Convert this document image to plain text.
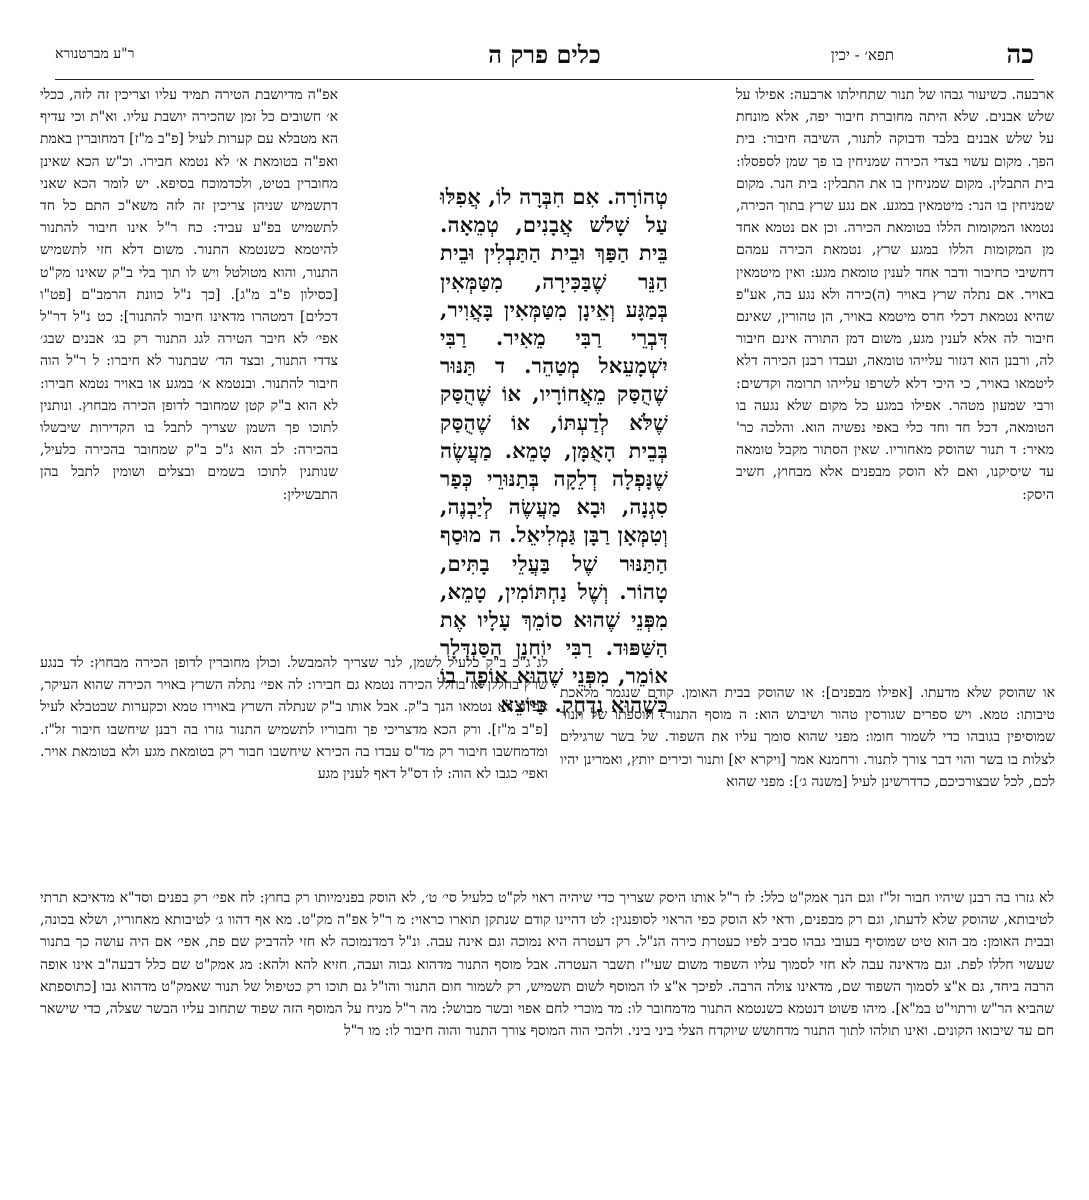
כה
תפא׳ - יכין
כלים פרק ה
ר"ע מברטנורא

ארבעה. כשיעור גבהו של תנור שתחילתו ארבעה: אפילו על שלש אבנים. שלא היתה מחוברת חיבור יפה, אלא מונחת על שלש אבנים בלבד ודבוקה לתנור, השיבה חיבור: בית הפך. מקום עשוי בצדי הכירה שמניחין בו פך שמן לספסלו: בית התבלין. מקום שמניחין בו את התבלין: בית הנר. מקום שמניחין בו הנר: מיטמאין במגע. אם נגע שרץ בתוך הכירה, נטמאו המקומות הללו בטומאת הכירה. וכן אם נטמא אחד מן המקומות הללו במגע שרץ, נטמאת הכירה עמהם דחשיבי כחיבור ודבר אחד לענין טומאת מגע: ואין מיטמאין באויר. אם נתלה שרץ באויר (ה)כירה ולא נגע בה, אע"פ שהיא נטמאת דכלי חרס מיטמא באויר, הן טהורין, שאינם חיבור לה אלא לענין מגע, משום דמן התורה אינם חיבור לה, ורבנן הוא דגזור עלייהו טומאה, ועבדו רבנן הכירה דלא ליטמאו באויר, כי היכי דלא לשרפו עלייהו תרומה וקדשים: ורבי שמעון מטהר. אפילו במגע כל מקום שלא נגעה בו הטומאה, דכל חד וחד כלי באפי נפשיה הוא. והלכה כר' מאיר: ד תנור שהוסק מאחוריו. שאין הסתור מקבל טומאה עד שיסיקנו, ואם לא הוסק מבפנים אלא מבחוץ, חשיב היסק:

טְהוֹרָה. אִם חִבְּרָה לוֹ, אֲפִלּוּ עַל שָׁלשׁ אֲבָנִים, טְמֵאָה. בֵּית הַפַּךְ וּבֵית הַתַּבְלִין וּבֵית הַנֵּר שֶׁבַּכִּירָה, מִטַּמְּאִין בְּמַגָּע וְאֵינָן מִטַּמְּאִין בָּאֲוִיר, דִּבְרֵי רַבִּי מֵאִיר. רַבִּי יִשְׁמָעֵאל מְטַהֵר. ד תַּנּוּר שֶׁהֻסַּק מֵאֲחוֹרָיו, אוֹ שֶׁהֻסַּק שֶׁלֹּא לְדַעְתּוֹ, אוֹ שֶׁהֻסַּק בְּבֵית הָאֻמָּן, טָמֵא. מַעֲשֶׂה שֶׁנָּפְלָה דְלֵקָה בְּתַנּוּרֵי כְּפַר סִגְנָה, וּבָא מַעֲשֶׂה לְיַבְנֶה, וְטִמְּאָן רַבָּן גַּמְלִיאֵל. ה מוּסַף הַתַּנּוּר שֶׁל בַּעֲלֵי בָתִּים, טָהוֹר. וְשֶׁל נַחְתּוֹמִין, טָמֵא, מִפְּנֵי שֶׁהוּא סוֹמֵךְ עָלָיו אֶת הַשַּׁפּוּד. רַבִּי יוֹחָנָן הַסַּנְדְּלָר אוֹמֵר, מִפְּנֵי שֶׁהוּא אוֹפֶה בוֹ כְּשֶׁהוּא נִדְחָק. כַּיּוֹצֵא

אפ"ה מדיושבת הטירה תמיד עליו וצריכין זה לזה, ככלי א׳ חשובים כל זמן שהכירה יושבת עליו. וא"ת וכי עדיף הא מטבלא עם קערות לעיל [פ"ב מ"ז] דמחוברין באמת ואפ"ה בטומאת א׳ לא נטמא חבירו. וכ"ש הכא שאינן מחוברין בטיט, ולכדמוכח בסיפא. יש לומר הכא שאני דתשמיש שניהן צריכין זה לזה משא"כ התם כל חד לתשמיש בפ"ע עביד: כח ר"ל אינו חיבור להתנור להיטמא כשנטמא התנור. משום דלא חזי לתשמיש התנור, והוא מטולטל ויש לו תוך בלי ב"ק שאינו מק"ט [כסילון פ"ב מ"ג]. [כך נ"ל כוונת הרמב"ם [פט"ו דכלים] דמטהרו מדאינו חיבור להתנור]: כט נ"ל דר"ל אפי׳ לא חיבר הטירה לגג התנור רק בג׳ אבנים שבג׳ צדדי התנור, ובצד הד׳ שבתנור לא חיברו: ל ר"ל הוה חיבור להתנור. ובנטמא א׳ במגע או באויר נטמא חבירו: לא הוא ב"ק קטן שמחובר לדופן הכירה מבחוץ. ונותנין לתוכו פך השמן שצריך לתבל בו הקדירות שיבשלו בהכירה: לב הוא ג"כ ב"ק שמחובר בהכירה כלעיל, שנותנין לתוכו בשמים ובצלים ושומין לתבל בהן התבשילין:

או שהוסק שלא מדעתו. [אפילו מבפנים]: או שהוסק בבית האומן. קודם שנגמר מלאכת טיבותו: טמא. ויש ספרים שגורסין טהור ושיבוש הוא: ה מוסף התנור. תוספתו של תנור שמוסיפין בגובהו כדי לשמור חומו: מפני שהוא סומך עליו את השפוד. של בשר שרגילים לצלות בו בשר והוי דבר צורך לתנור. ורחמנא אמר [ויקרא יא] ותנור וכירים יותץ, ואמרינן יהיו לכם, לכל שבצורכיכם, כדדרשינן לעיל [משנה ג׳]: מפני שהוא

לג ג"כ ב"ק כלעיל לשמן, לנר שצריך להמבשל. וכולן מחוברין לדופן הכירה מבחוץ: לד בנגע שרץ בחללן או בחלל הכירה נטמא גם חבירו: לה אפי׳ נתלה השרץ באויר הכירה שהוא העיקר, אפ"ה לא נטמאו הנך ב"ק. אבל אותו ב"ק שנתלה השרץ באוירו טמא וכקערות שבטבלא לעיל [פ"ב מ"ז]. ורק הכא מדצריכי פך וחבוריו לתשמיש התנור גזרו בה רבנן שיחשבו חיבור זל"ז. ומדמחשבו חיבור רק מד"ס עבדו בה הכירא שיחשבו חבור רק בטומאת מגע ולא בטומאת אויר. ואפי׳ כגבו לא הוה: לו דס"ל דאף לענין מגע

לא גזרו בה רבנן שיהיו חבור זל"ז וגם הנך אמק"ט כלל: לז ר"ל אותו היסק שצריך כדי שיהיה ראוי לק"ט כלעיל סי׳ ט׳, לא הוסק בפנימיותו רק בחוץ: לח אפי׳ רק בפנים וסד"א מדאיכא תרתי לטיבותא, שהוסק שלא לדעתו, וגם רק מבפנים, ודאי לא הוסק כפי הראוי לסופנגין: לט דהיינו קודם שנתקן תוארו כראוי: מ ר"ל אפ"ה מק"ט. מא אף דהוו ג׳ לטיבותא מאחוריו, ושלא בכונה, ובבית האומן: מב הוא טיט שמוסיף בעובי גבהו סביב לפיו כעטרת כירה הנ"ל. רק דעטרה היא נמוכה וגם אינה עבה. ונ"ל דמדנמוכה לא חזי להדביק שם פת, אפי׳ אם היה עושה כך בתנור שעשוי חללו לפת. וגם מדאינה עבה לא חזי לסמוך עליו השפוד משום שעי"ז תשבר העטרה. אבל מוסף התנור מדהוא גבוה ועבה, חזיא להא ולהא: מג אמק"ט שם כלל דבעה"ב אינו אופה הרבה ביחד, גם א"צ לסמוך השפוד שם, מדאינו צולה הרבה. לפיכך א"צ לו המוסף לשום תשמיש, רק לשמור חום התנור והו"ל גם תוכו רק כטיפול של תנור שאמק"ט מדהוא גבו [כתוספתא שהביא הר"ש ורתוי"ט במ"א]. מיהו פשוט דנטמא כשנטמא התנור מדמחובר לו: מד מוכרי לחם אפוי ובשר מבושל: מה ר"ל מניח על המוסף הזה שפוד שתחוב עליו הבשר שצלה, כדי שישאר חם עד שיבואו הקונים. ואינו תולהו לתוך התנור מדחושש שיוקדח הצלי ביני ביני. ולהכי הוה המוסף צורך התנור והוה חיבור לו: מו ר"ל
